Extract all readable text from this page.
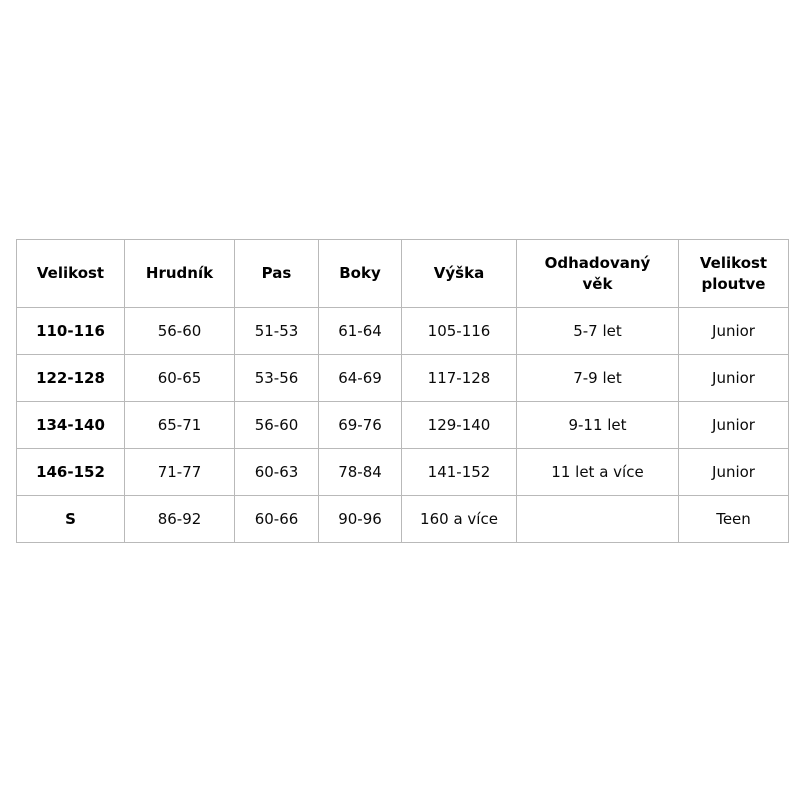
Velikost	Hrudník	Pas	Boky	Výška	Odhadovaný věk	Velikost ploutve
110-116	56-60	51-53	61-64	105-116	5-7 let	Junior
122-128	60-65	53-56	64-69	117-128	7-9 let	Junior
134-140	65-71	56-60	69-76	129-140	9-11 let	Junior
146-152	71-77	60-63	78-84	141-152	11 let a více	Junior
S	86-92	60-66	90-96	160 a více		Teen
